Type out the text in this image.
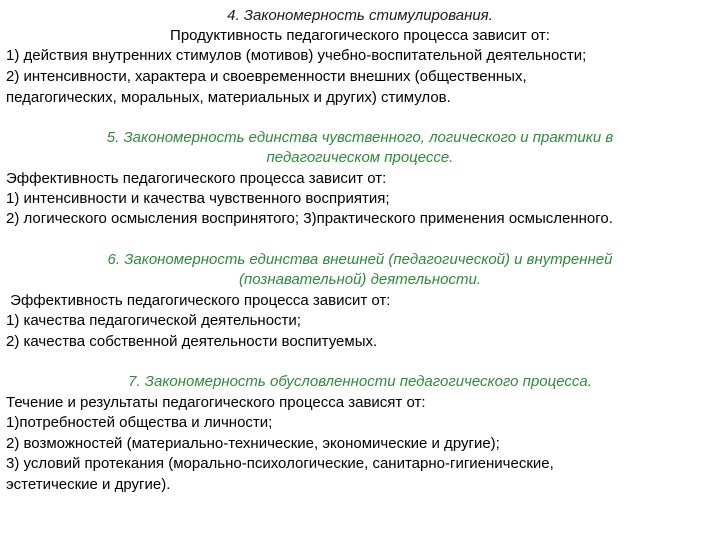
4. Закономерность стимулирования.
Продуктивность педагогического процесса зависит от:
1) действия внутренних стимулов (мотивов) учебно-воспитательной деятельности;
2) интенсивности, характера и своевременности внешних (общественных,
педагогических, моральных, материальных и других) стимулов.
5. Закономерность единства чувственного, логического и практики в
педагогическом процессе.
Эффективность педагогического процесса зависит от:
1) интенсивности и качества чувственного восприятия;
2) логического осмысления воспринятого; 3)практического применения осмысленного.
6. Закономерность единства внешней (педагогической) и внутренней
(познавательной) деятельности.
Эффективность педагогического процесса зависит от:
1) качества педагогической деятельности;
2) качества собственной деятельности воспитуемых.
7. Закономерность обусловленности педагогического процесса.
Течение и результаты педагогического процесса зависят от:
1)потребностей общества и личности;
2) возможностей (материально-технические, экономические и другие);
3) условий протекания (морально-психологические, санитарно-гигиенические,
эстетические и другие).
